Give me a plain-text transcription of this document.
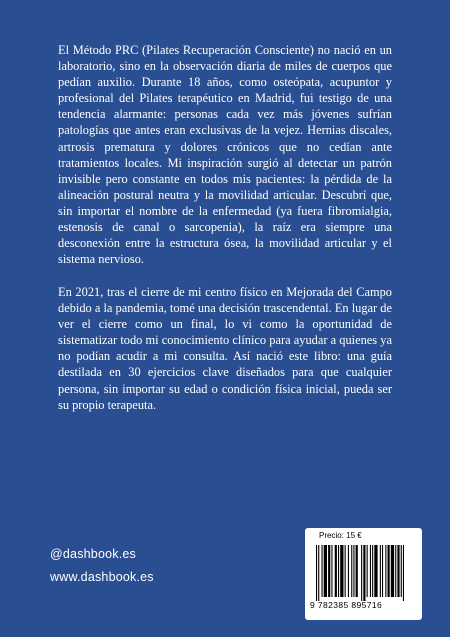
El Método PRC (Pilates Recuperación Consciente) no nació en un laboratorio, sino en la observación diaria de miles de cuerpos que pedían auxilio. Durante 18 años, como osteópata, acupuntor y profesional del Pilates terapéutico en Madrid, fui testigo de una tendencia alarmante: personas cada vez más jóvenes sufrían patologías que antes eran exclusivas de la vejez. Hernias discales, artrosis prematura y dolores crónicos que no cedían ante tratamientos locales. Mi inspiración surgió al detectar un patrón invisible pero constante en todos mis pacientes: la pérdida de la alineación postural neutra y la movilidad articular. Descubrí que, sin importar el nombre de la enfermedad (ya fuera fibromialgia, estenosis de canal o sarcopenia), la raíz era siempre una desconexión entre la estructura ósea, la movilidad articular y el sistema nervioso.

En 2021, tras el cierre de mi centro físico en Mejorada del Campo debido a la pandemia, tomé una decisión trascendental. En lugar de ver el cierre como un final, lo vi como la oportunidad de sistematizar todo mi conocimiento clínico para ayudar a quienes ya no podían acudir a mi consulta. Así nació este libro: una guía destilada en 30 ejercicios clave diseñados para que cualquier persona, sin importar su edad o condición física inicial, pueda ser su propio terapeuta.

@dashbook.es
www.dashbook.es
Precio: 15 €
9 782385 895716
